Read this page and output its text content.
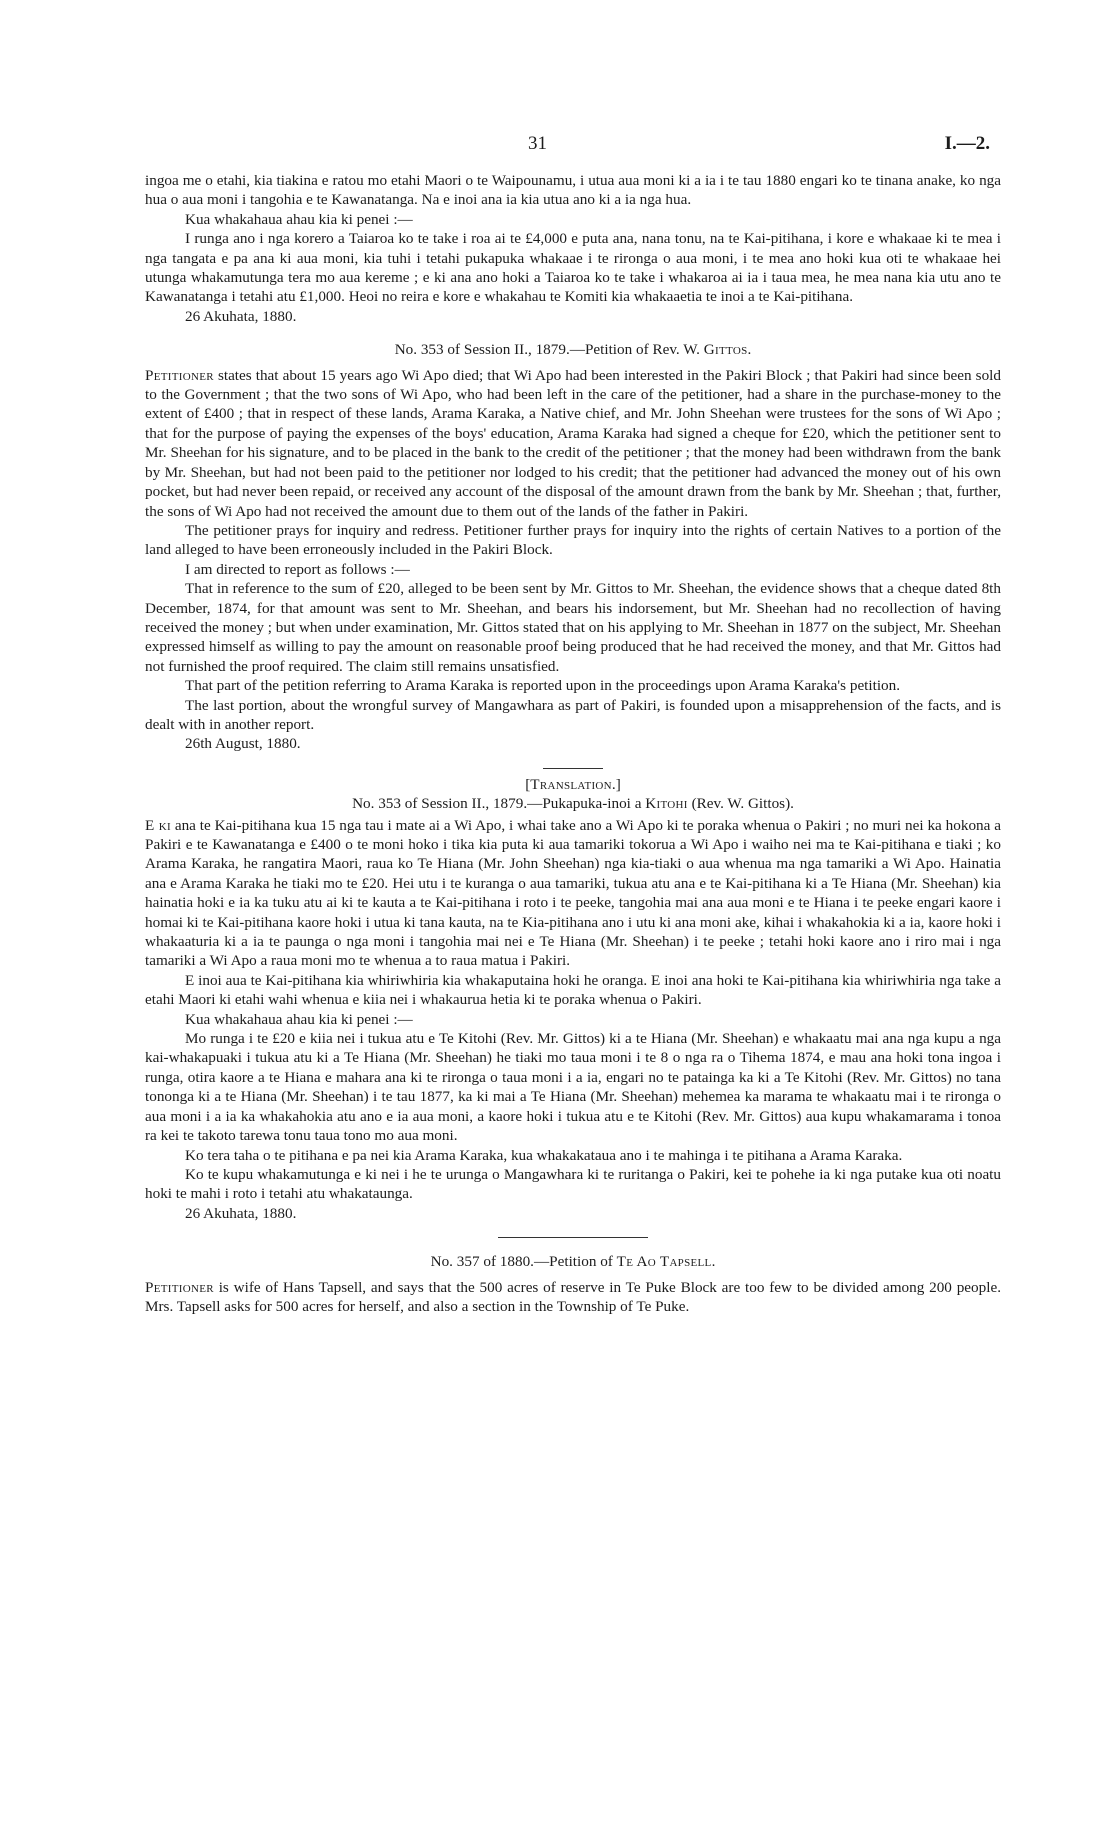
31	I.—2.

ingoa me o etahi, kia tiakina e ratou mo etahi Maori o te Waipounamu, i utua aua moni ki a ia i te tau 1880 engari ko te tinana anake, ko nga hua o aua moni i tangohia e te Kawanatanga. Na e inoi ana ia kia utua ano ki a ia nga hua.

Kua whakahaua ahau kia ki penei :—

I runga ano i nga korero a Taiaroa ko te take i roa ai te £4,000 e puta ana, nana tonu, na te Kai-pitihana, i kore e whakaae ki te mea i nga tangata e pa ana ki aua moni, kia tuhi i tetahi pukapuka whakaae i te rironga o aua moni, i te mea ano hoki kua oti te whakaae hei utunga whakamutunga tera mo aua kereme ; e ki ana ano hoki a Taiaroa ko te take i whakaroa ai ia i taua mea, he mea nana kia utu ano te Kawanatanga i tetahi atu £1,000. Heoi no reira e kore e whakahau te Komiti kia whakaaetia te inoi a te Kai-pitihana.

26 Akuhata, 1880.

No. 353 of Session II., 1879.—Petition of Rev. W. Gittos.

Petitioner states that about 15 years ago Wi Apo died; that Wi Apo had been interested in the Pakiri Block ; that Pakiri had since been sold to the Government ; that the two sons of Wi Apo, who had been left in the care of the petitioner, had a share in the purchase-money to the extent of £400 ; that in respect of these lands, Arama Karaka, a Native chief, and Mr. John Sheehan were trustees for the sons of Wi Apo ; that for the purpose of paying the expenses of the boys' education, Arama Karaka had signed a cheque for £20, which the petitioner sent to Mr. Sheehan for his signature, and to be placed in the bank to the credit of the petitioner ; that the money had been withdrawn from the bank by Mr. Sheehan, but had not been paid to the petitioner nor lodged to his credit; that the petitioner had advanced the money out of his own pocket, but had never been repaid, or received any account of the disposal of the amount drawn from the bank by Mr. Sheehan ; that, further, the sons of Wi Apo had not received the amount due to them out of the lands of the father in Pakiri.

The petitioner prays for inquiry and redress. Petitioner further prays for inquiry into the rights of certain Natives to a portion of the land alleged to have been erroneously included in the Pakiri Block.

I am directed to report as follows :—

That in reference to the sum of £20, alleged to be been sent by Mr. Gittos to Mr. Sheehan, the evidence shows that a cheque dated 8th December, 1874, for that amount was sent to Mr. Sheehan, and bears his indorsement, but Mr. Sheehan had no recollection of having received the money ; but when under examination, Mr. Gittos stated that on his applying to Mr. Sheehan in 1877 on the subject, Mr. Sheehan expressed himself as willing to pay the amount on reasonable proof being produced that he had received the money, and that Mr. Gittos had not furnished the proof required. The claim still remains unsatisfied.

That part of the petition referring to Arama Karaka is reported upon in the proceedings upon Arama Karaka's petition.

The last portion, about the wrongful survey of Mangawhara as part of Pakiri, is founded upon a misapprehension of the facts, and is dealt with in another report.

26th August, 1880.

[Translation.]

No. 353 of Session II., 1879.—Pukapuka-inoi a Kitohi (Rev. W. Gittos).

E ki ana te Kai-pitihana kua 15 nga tau i mate ai a Wi Apo, i whai take ano a Wi Apo ki te poraka whenua o Pakiri ; no muri nei ka hokona a Pakiri e te Kawanatanga e £400 o te moni hoko i tika kia puta ki aua tamariki tokorua a Wi Apo i waiho nei ma te Kai-pitihana e tiaki ; ko Arama Karaka, he rangatira Maori, raua ko Te Hiana (Mr. John Sheehan) nga kia-tiaki o aua whenua ma nga tamariki a Wi Apo. Hainatia ana e Arama Karaka he tiaki mo te £20. Hei utu i te kuranga o aua tamariki, tukua atu ana e te Kai-pitihana ki a Te Hiana (Mr. Sheehan) kia hainatia hoki e ia ka tuku atu ai ki te kauta a te Kai-pitihana i roto i te peeke, tangohia mai ana aua moni e te Hiana i te peeke engari kaore i homai ki te Kai-pitihana kaore hoki i utua ki tana kauta, na te Kia-pitihana ano i utu ki ana moni ake, kihai i whakahokia ki a ia, kaore hoki i whakaaturia ki a ia te paunga o nga moni i tangohia mai nei e Te Hiana (Mr. Sheehan) i te peeke ; tetahi hoki kaore ano i riro mai i nga tamariki a Wi Apo a raua moni mo te whenua a to raua matua i Pakiri.

E inoi aua te Kai-pitihana kia whiriwhiria kia whakaputaina hoki he oranga. E inoi ana hoki te Kai-pitihana kia whiriwhiria nga take a etahi Maori ki etahi wahi whenua e kiia nei i whakaurua hetia ki te poraka whenua o Pakiri.

Kua whakahaua ahau kia ki penei :—

Mo runga i te £20 e kiia nei i tukua atu e Te Kitohi (Rev. Mr. Gittos) ki a te Hiana (Mr. Sheehan) e whakaatu mai ana nga kupu a nga kai-whakapuaki i tukua atu ki a Te Hiana (Mr. Sheehan) he tiaki mo taua moni i te 8 o nga ra o Tihema 1874, e mau ana hoki tona ingoa i runga, otira kaore a te Hiana e mahara ana ki te rironga o taua moni i a ia, engari no te patainga ka ki a Te Kitohi (Rev. Mr. Gittos) no tana tononga ki a te Hiana (Mr. Sheehan) i te tau 1877, ka ki mai a Te Hiana (Mr. Sheehan) mehemea ka marama te whakaatu mai i te rironga o aua moni i a ia ka whakahokia atu ano e ia aua moni, a kaore hoki i tukua atu e te Kitohi (Rev. Mr. Gittos) aua kupu whakamarama i tonoa ra kei te takoto tarewa tonu taua tono mo aua moni.

Ko tera taha o te pitihana e pa nei kia Arama Karaka, kua whakakataua ano i te mahinga i te pitihana a Arama Karaka.

Ko te kupu whakamutunga e ki nei i he te urunga o Mangawhara ki te ruritanga o Pakiri, kei te pohehe ia ki nga putake kua oti noatu hoki te mahi i roto i tetahi atu whakataunga.

26 Akuhata, 1880.

No. 357 of 1880.—Petition of Te Ao Tapsell.

Petitioner is wife of Hans Tapsell, and says that the 500 acres of reserve in Te Puke Block are too few to be divided among 200 people. Mrs. Tapsell asks for 500 acres for herself, and also a section in the Township of Te Puke.
